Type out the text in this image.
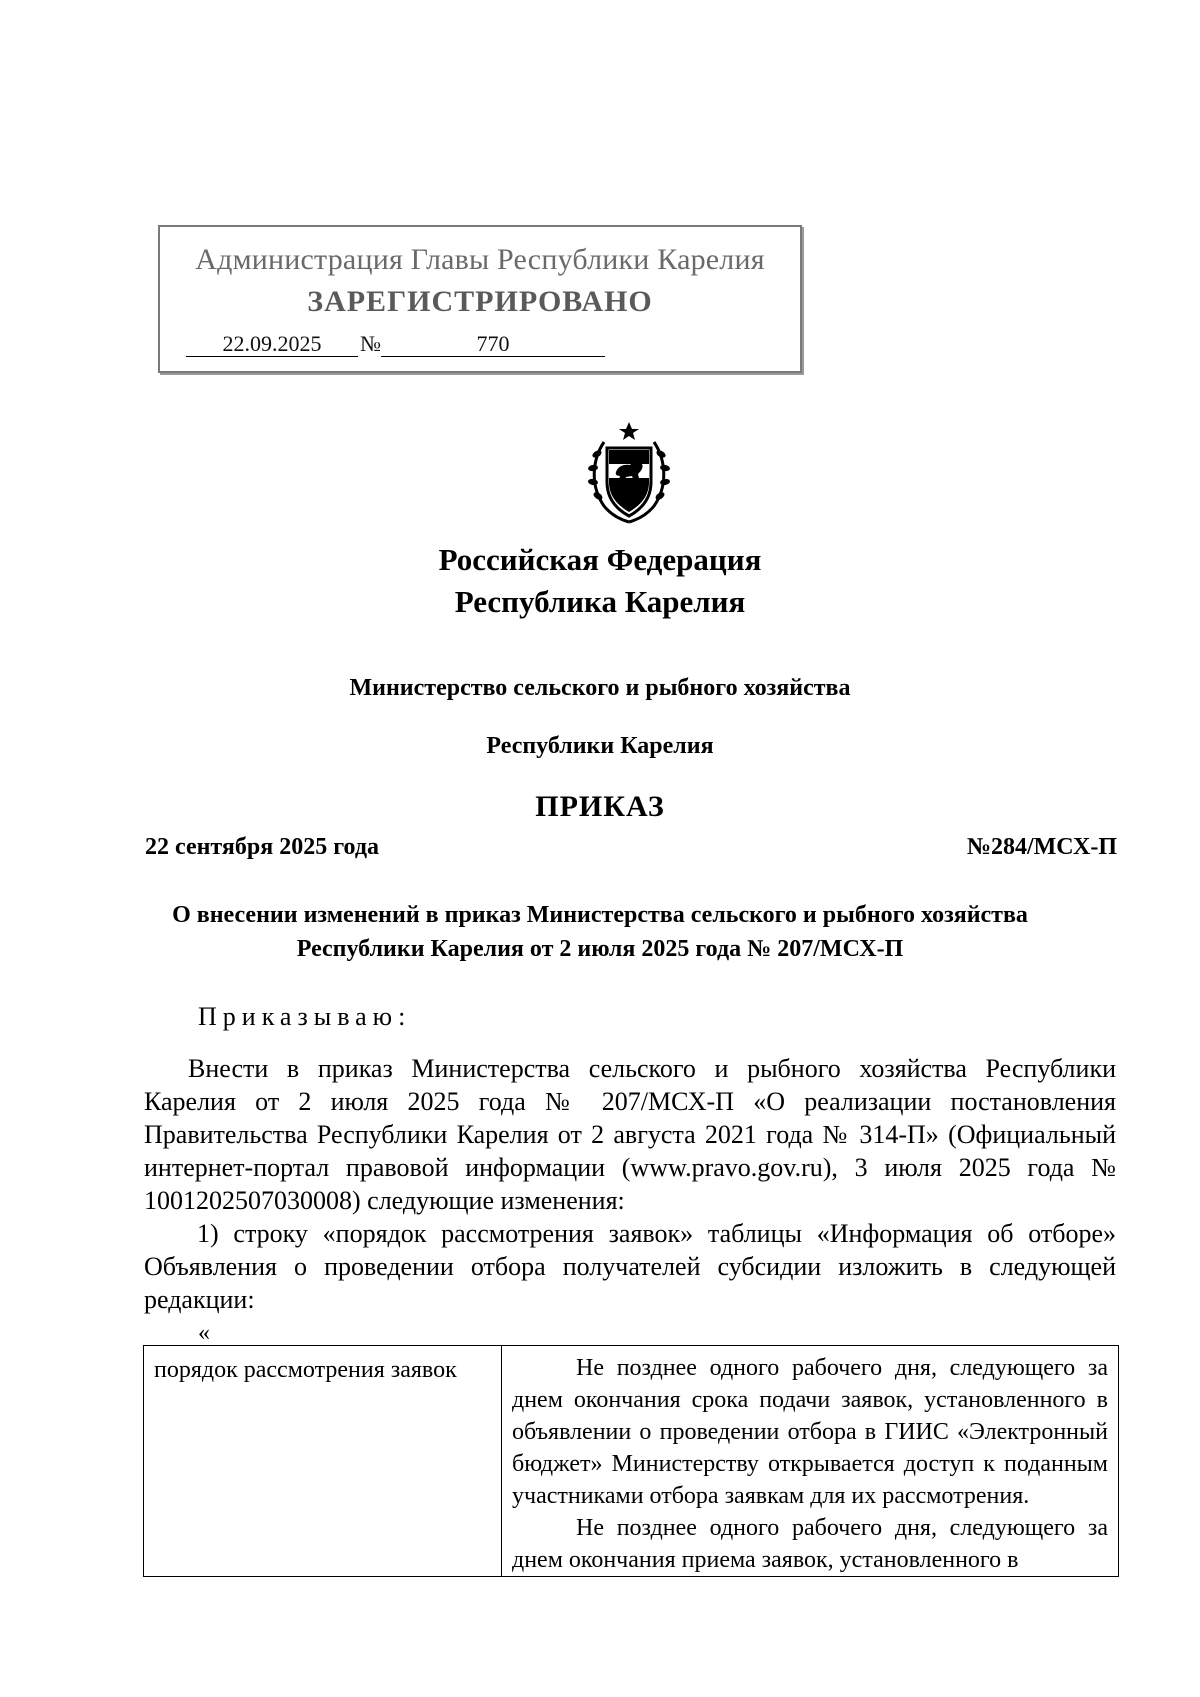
Администрация Главы Республики Карелия
ЗАРЕГИСТРИРОВАНО
22.09.2025 №	770
Российская Федерация
Республика Карелия
Министерство сельского и рыбного хозяйства
Республики Карелия
ПРИКАЗ
22 сентября 2025 года	№284/МСХ-П
О внесении изменений в приказ Министерства сельского и рыбного хозяйства Республики Карелия от 2 июля 2025 года № 207/МСХ-П
Приказываю:
Внести в приказ Министерства сельского и рыбного хозяйства Республики Карелия от 2 июля 2025 года № 207/МСХ-П «О реализации постановления Правительства Республики Карелия от 2 августа 2021 года № 314-П» (Официальный интернет-портал правовой информации (www.pravo.gov.ru), 3 июля 2025 года № 1001202507030008) следующие изменения:
1) строку «порядок рассмотрения заявок» таблицы «Информация об отборе» Объявления о проведении отбора получателей субсидии изложить в следующей редакции:
«
порядок рассмотрения заявок	Не позднее одного рабочего дня, следующего за днем окончания срока подачи заявок, установленного в объявлении о проведении отбора в ГИИС «Электронный бюджет» Министерству открывается доступ к поданным участниками отбора заявкам для их рассмотрения.

Не позднее одного рабочего дня, следующего за днем окончания приема заявок, установленного в
